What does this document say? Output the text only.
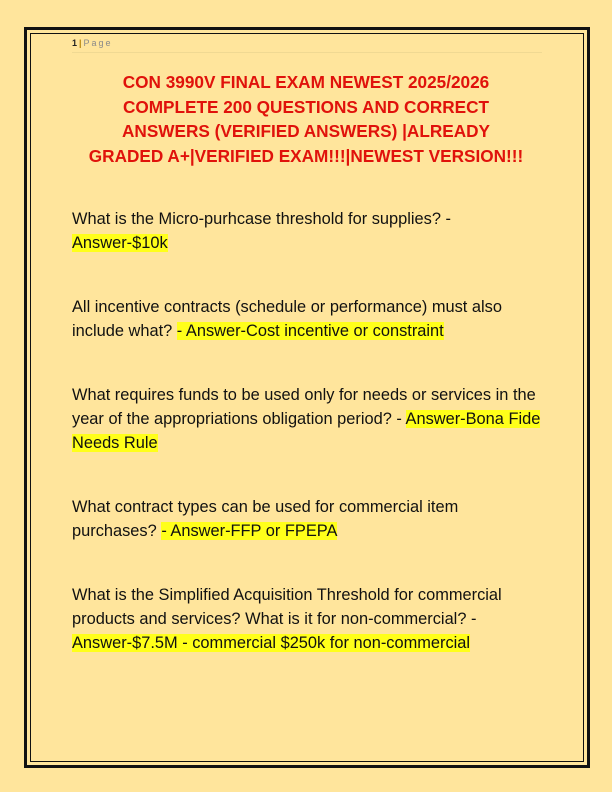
1 | Page
CON 3990V FINAL EXAM NEWEST 2025/2026
COMPLETE 200 QUESTIONS AND CORRECT
ANSWERS (VERIFIED ANSWERS) |ALREADY
GRADED A+|VERIFIED EXAM!!!|NEWEST VERSION!!!
What is the Micro-purhcase threshold for supplies? - Answer-$10k
All incentive contracts (schedule or performance) must also include what? - Answer-Cost incentive or constraint
What requires funds to be used only for needs or services in the year of the appropriations obligation period? - Answer-Bona Fide Needs Rule
What contract types can be used for commercial item purchases? - Answer-FFP or FPEPA
What is the Simplified Acquisition Threshold for commercial products and services? What is it for non-commercial? - Answer-$7.5M - commercial $250k for non-commercial
